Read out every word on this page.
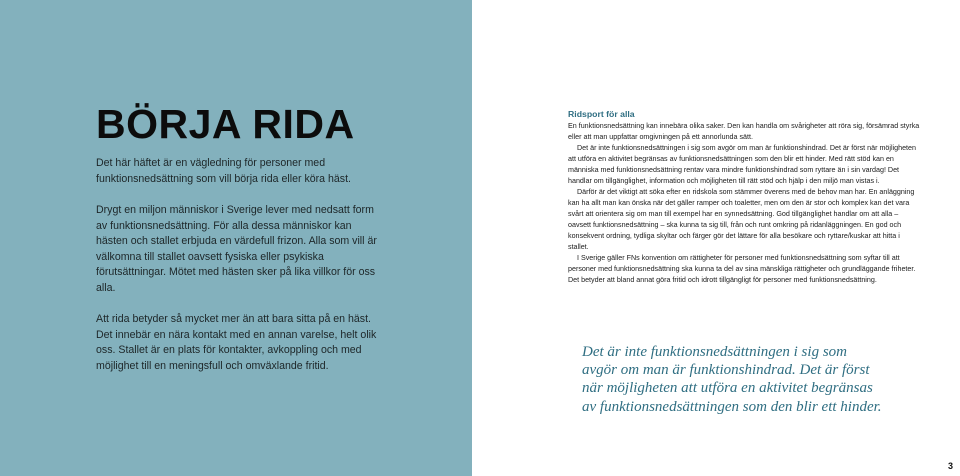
BÖRJA RIDA

Det här häftet är en vägledning för personer med funktionsnedsättning som vill börja rida eller köra häst.

Drygt en miljon människor i Sverige lever med nedsatt form av funktionsnedsättning. För alla dessa människor kan hästen och stallet erbjuda en värdefull frizon. Alla som vill är välkomna till stallet oavsett fysiska eller psykiska förutsättningar. Mötet med hästen sker på lika villkor för oss alla.

Att rida betyder så mycket mer än att bara sitta på en häst. Det innebär en nära kontakt med en annan varelse, helt olik oss. Stallet är en plats för kontakter, avkoppling och med möjlighet till en meningsfull och omväxlande fritid.

Ridsport för alla

En funktionsnedsättning kan innebära olika saker. Den kan handla om svårigheter att röra sig, försämrad styrka eller att man uppfattar omgivningen på ett annorlunda sätt.

Det är inte funktionsnedsättningen i sig som avgör om man är funktionshindrad. Det är först när möjligheten att utföra en aktivitet begränsas av funktionsnedsättningen som den blir ett hinder. Med rätt stöd kan en människa med funktionsnedsättning rentav vara mindre funktionshindrad som ryttare än i sin vardag! Det handlar om tillgänglighet, information och möjligheten till rätt stöd och hjälp i den miljö man vistas i.

Därför är det viktigt att söka efter en ridskola som stämmer överens med de behov man har. En anläggning kan ha allt man kan önska när det gäller ramper och toaletter, men om den är stor och komplex kan det vara svårt att orientera sig om man till exempel har en synnedsättning. God tillgänglighet handlar om att alla – oavsett funktionsnedsättning – ska kunna ta sig till, från och runt omkring på ridanläggningen. En god och konsekvent ordning, tydliga skyltar och färger gör det lättare för alla besökare och ryttare/kuskar att hitta i stallet.

I Sverige gäller FNs konvention om rättigheter för personer med funktionsnedsättning som syftar till att personer med funktionsnedsättning ska kunna ta del av sina mänskliga rättigheter och grundläggande friheter. Det betyder att bland annat göra fritid och idrott tillgängligt för personer med funktionsnedsättning.

Det är inte funktionsnedsättningen i sig som avgör om man är funktionshindrad. Det är först när möjligheten att utföra en aktivitet begränsas av funktionsnedsättningen som den blir ett hinder.

3
